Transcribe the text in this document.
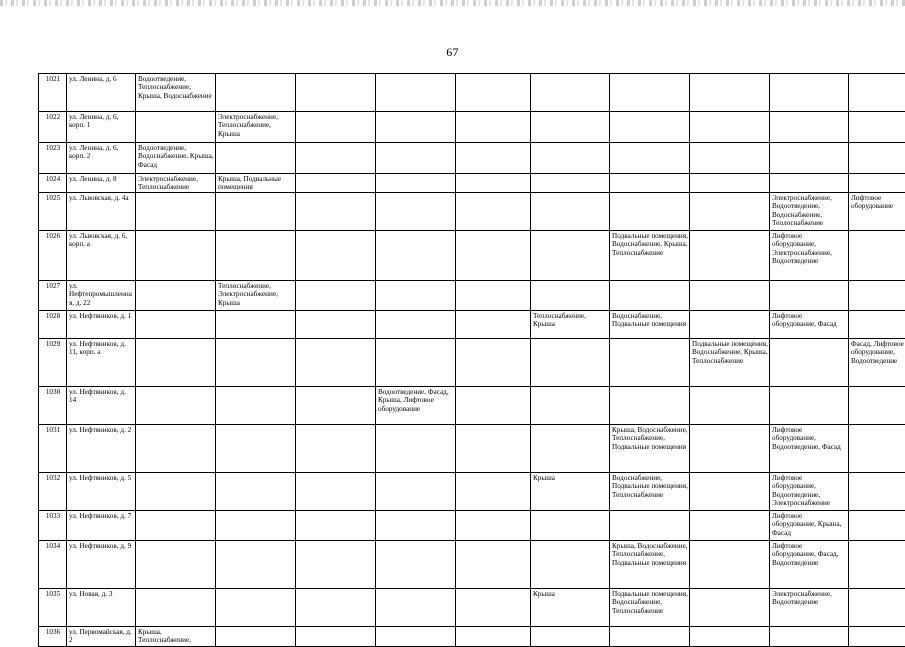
67
1021	ул. Ленина, д. 6	Водоотведение, Теплоснабжение, Крыша, Водоснабжение										
1022	ул. Ленина, д. 6, корп. 1		Электроснабжение, Теплоснабжение, Крыша									
1023	ул. Ленина, д. 6, корп. 2	Водоотведение, Водоснабжение, Крыша, Фасад										
1024	ул. Ленина, д. 8	Электроснабжение, Теплоснабжение	Крыша, Подвальные помещения									
1025	ул. Львовская, д. 4а									Электроснабжение, Водоотведение, Водоснабжение, Теплоснабжение	Лифтовое оборудование	
1026	ул. Львовская, д. 6, корп. а							Подвальные помещения, Водоснабжение, Крыша, Теплоснабжение		Лифтовое оборудование, Электроснабжение, Водоотведение		
1027	ул. Нефтепромышленная, д. 22		Теплоснабжение, Электроснабжение, Крыша									
1028	ул. Нефтяников, д. 1						Теплоснабжение, Крыша	Водоснабжение, Подвальные помещения		Лифтовое оборудование, Фасад		
1029	ул. Нефтяников, д. 11, корп. а								Подвальные помещения, Водоснабжение, Крыша, Теплоснабжение		Фасад, Лифтовое оборудование, Водоотведение	
1030	ул. Нефтяников, д. 14				Водоотведение, Фасад, Крыша, Лифтовое оборудование							
1031	ул. Нефтяников, д. 2							Крыша, Водоснабжение, Теплоснабжение, Подвальные помещения		Лифтовое оборудование, Водоотведение, Фасад		
1032	ул. Нефтяников, д. 5						Крыша	Водоснабжение, Подвальные помещения, Теплоснабжение		Лифтовое оборудование, Водоотведение, Электроснабжение		
1033	ул. Нефтяников, д. 7									Лифтовое оборудование, Крыша, Фасад		
1034	ул. Нефтяников, д. 9							Крыша, Водоснабжение, Теплоснабжение, Подвальные помещения		Лифтовое оборудование, Фасад, Водоотведение		
1035	ул. Новая, д. 3						Крыша	Подвальные помещения, Водоснабжение, Теплоснабжение		Электроснабжение, Водоотведение		
1036	ул. Первомайская, д. 2	Крыша, Теплоснабжение,										
